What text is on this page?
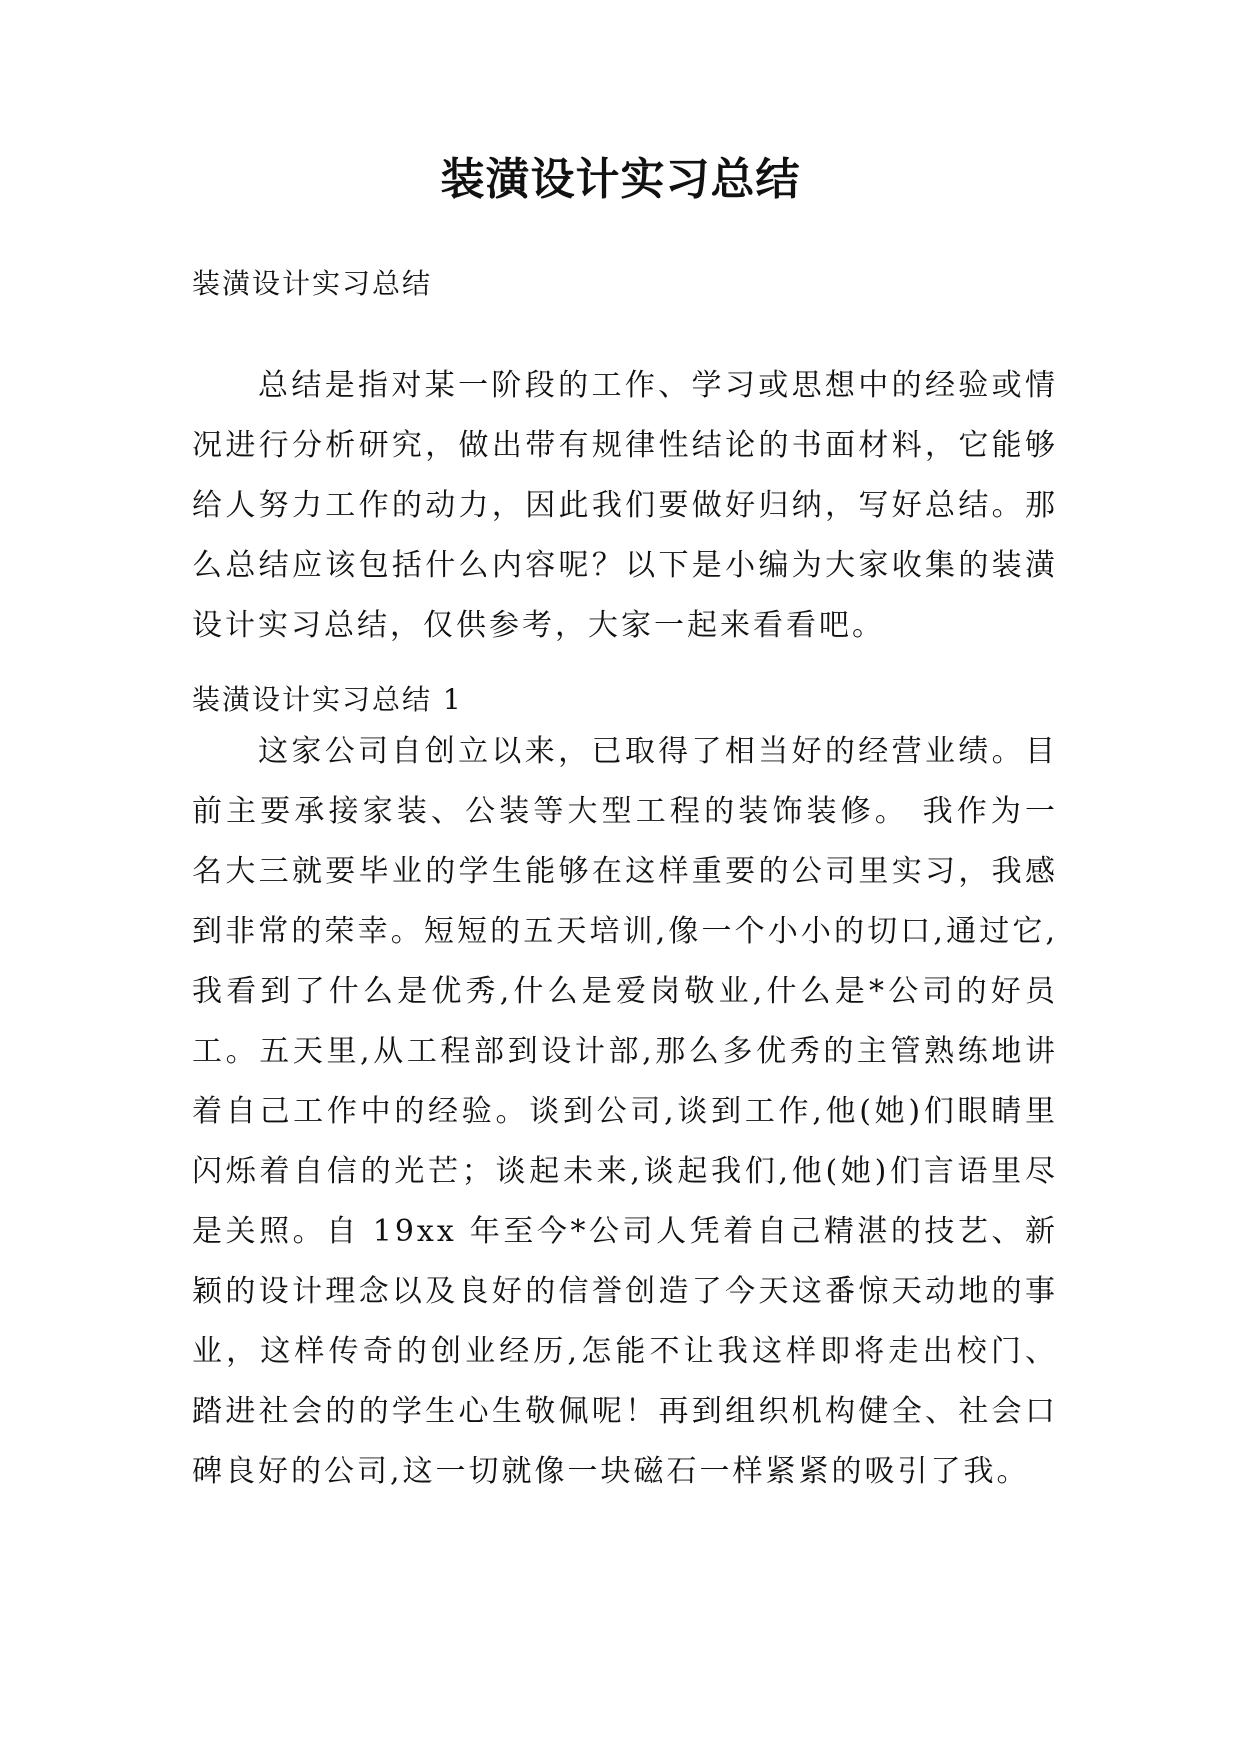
装潢设计实习总结
装潢设计实习总结

总结是指对某一阶段的工作、学习或思想中的经验或情况进行分析研究，做出带有规律性结论的书面材料，它能够给人努力工作的动力，因此我们要做好归纳，写好总结。那么总结应该包括什么内容呢？以下是小编为大家收集的装潢设计实习总结，仅供参考，大家一起来看看吧。

装潢设计实习总结 1

这家公司自创立以来，已取得了相当好的经营业绩。目前主要承接家装、公装等大型工程的装饰装修。 我作为一名大三就要毕业的学生能够在这样重要的公司里实习，我感到非常的荣幸。短短的五天培训,像一个小小的切口,通过它,我看到了什么是优秀,什么是爱岗敬业,什么是*公司的好员工。五天里,从工程部到设计部,那么多优秀的主管熟练地讲着自己工作中的经验。谈到公司,谈到工作,他(她)们眼睛里闪烁着自信的光芒；谈起未来,谈起我们,他(她)们言语里尽是关照。自 19xx 年至今*公司人凭着自己精湛的技艺、新颖的设计理念以及良好的信誉创造了今天这番惊天动地的事业，这样传奇的创业经历,怎能不让我这样即将走出校门、踏进社会的的学生心生敬佩呢！再到组织机构健全、社会口碑良好的公司,这一切就像一块磁石一样紧紧的吸引了我。
